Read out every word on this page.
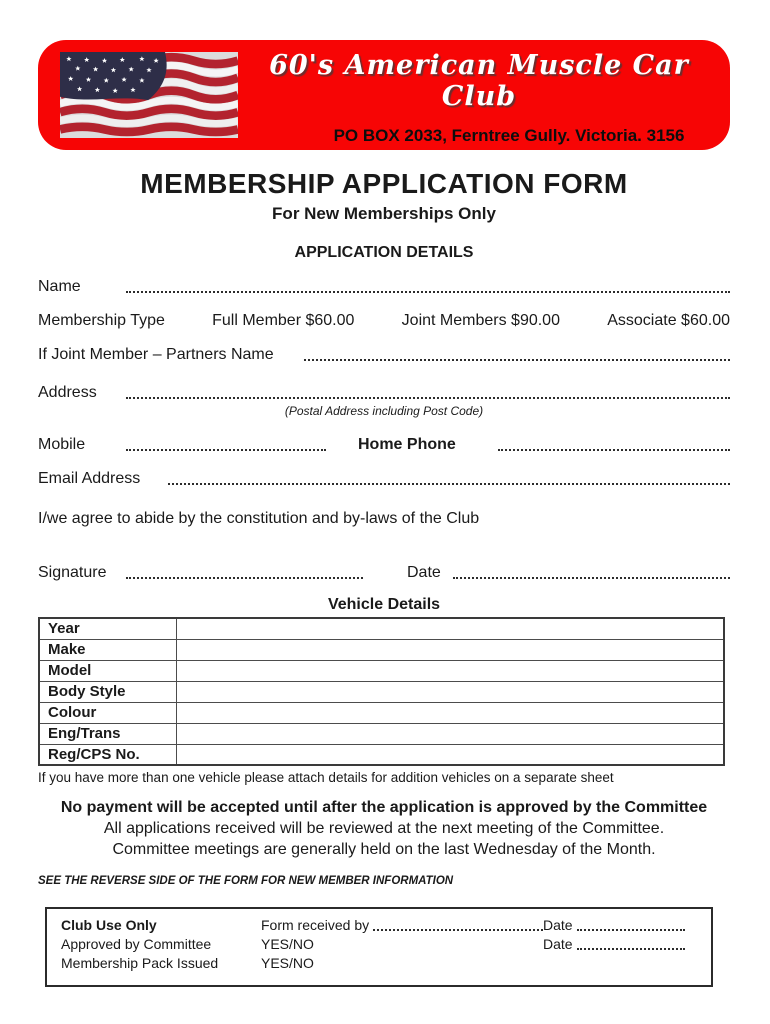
60's American Muscle Car Club
PO BOX 2033, Ferntree Gully. Victoria. 3156
MEMBERSHIP APPLICATION FORM
For New Memberships Only
APPLICATION DETAILS
Name
Membership Type	Full Member $60.00	Joint Members $90.00	Associate $60.00
If Joint Member – Partners Name
Address
(Postal Address including Post Code)
Mobile	Home Phone
Email Address
I/we agree to abide by the constitution and by-laws of the Club
Signature	Date
Vehicle Details
Year	
Make	
Model	
Body Style	
Colour	
Eng/Trans	
Reg/CPS No.	
If you have more than one vehicle please attach details for addition vehicles on a separate sheet
No payment will be accepted until after the application is approved by the Committee
All applications received will be reviewed at the next meeting of the Committee.
Committee meetings are generally held on the last Wednesday of the Month.
SEE THE REVERSE SIDE OF THE FORM FOR NEW MEMBER INFORMATION
Club Use Only	Form received by	Date
Approved by Committee	YES/NO	Date
Membership Pack Issued	YES/NO
